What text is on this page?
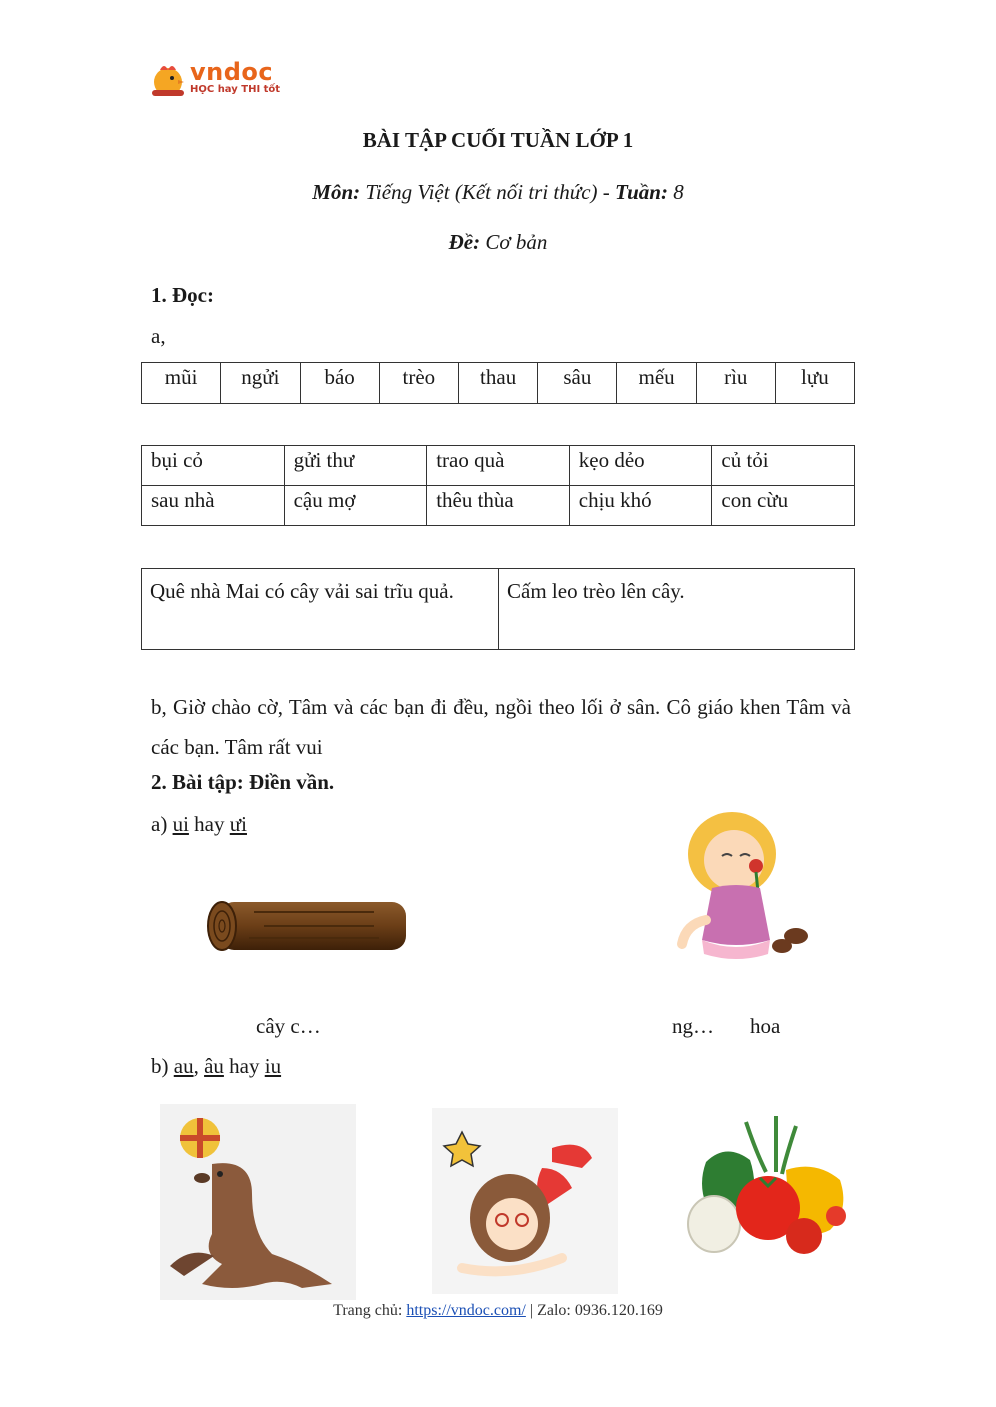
vndoc
HỌC hay THI tốt
BÀI TẬP CUỐI TUẦN LỚP 1
Môn: Tiếng Việt (Kết nối tri thức) - Tuần: 8
Đề: Cơ bản
1. Đọc:
a,
mũi	ngửi	báo	trèo	thau	sâu	mếu	rìu	lựu
bụi cỏ	gửi thư	trao quà	kẹo dẻo	củ tỏi
sau nhà	cậu mợ	thêu thùa	chịu khó	con cừu
Quê nhà Mai có cây vải sai trĩu quả.	Cấm leo trèo lên cây.
b, Giờ chào cờ, Tâm và các bạn đi đều, ngồi theo lối ở sân. Cô giáo khen Tâm và các bạn. Tâm rất vui
2. Bài tập: Điền vần.
a) ui hay ưi
cây c…	ng… hoa
b) au, âu hay iu
Trang chủ: https://vndoc.com/ | Zalo: 0936.120.169
